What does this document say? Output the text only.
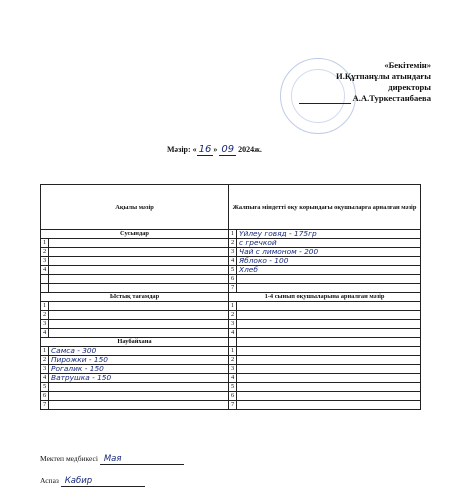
«Бекітемін»
И.Құтпанұлы атындағы
директоры
А.А.Туркестанбаева
Мәзір: « 16 » 09 2024ж.
Ақылы мәзір		Жалпыға міндетті оқу корындағы оқушыларға арналған мәзір	
Сусындар		1	Үйлеу говяд - 175гр
1		2	с гречкой
2		3	Чай с лимоном - 200
3		4	Яблоко - 100
4		5	Хлеб
		6	
		7	
Ыстық тағамдар		1-4 сынып оқушыларына арналған мәзір	
1		1	
2		2	
3		3	
4		4	
Наубайхана			
1	Самса - 300	1	
2	Пирожки - 150	2	
3	Рогалик - 150	3	
4	Ватрушка - 150	4	
5		5	
6		6	
7		7	
Мектеп медбикесі Мая
Аспаз Кабир
